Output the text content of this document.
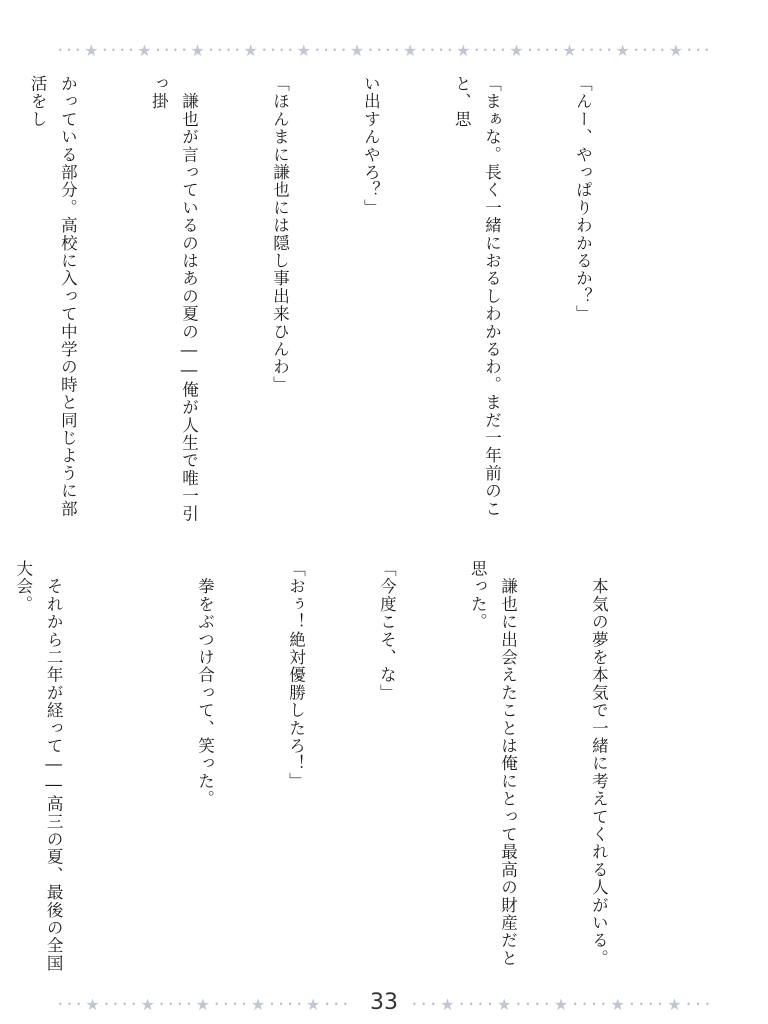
• • • ★ • • • • ★ • • • • ★ • • • • ★ • • • • ★ • • • • ★ • • • • ★ • • • • ★ • • • • ★ • • • • ★ • • • • ★ • • • • ★ • • •

「んー、やっぱりわかるか？」

「まぁな。長く一緒におるしわかるわ。まだ一年前のこと、思

い出すんやろ？」

「ほんまに謙也には隠し事出来ひんわ」

　謙也が言っているのはあの夏の――俺が人生で唯一引っ掛

かっている部分。高校に入って中学の時と同じように部活をし

　本気の夢を本気で一緒に考えてくれる人がいる。

　謙也に出会えたことは俺にとって最高の財産だと思った。

「今度こそ、な」

「おぅ！絶対優勝したろ！」

　拳をぶつけ合って、笑った。

　それから二年が経って――高三の夏、最後の全国大会。

• • • ★ • • • • ★ • • • • ★ • • • • ★ • • • • ★ • • •	33	• • • ★ • • • • ★ • • • • ★ • • • • ★ • • • • ★ • • •
